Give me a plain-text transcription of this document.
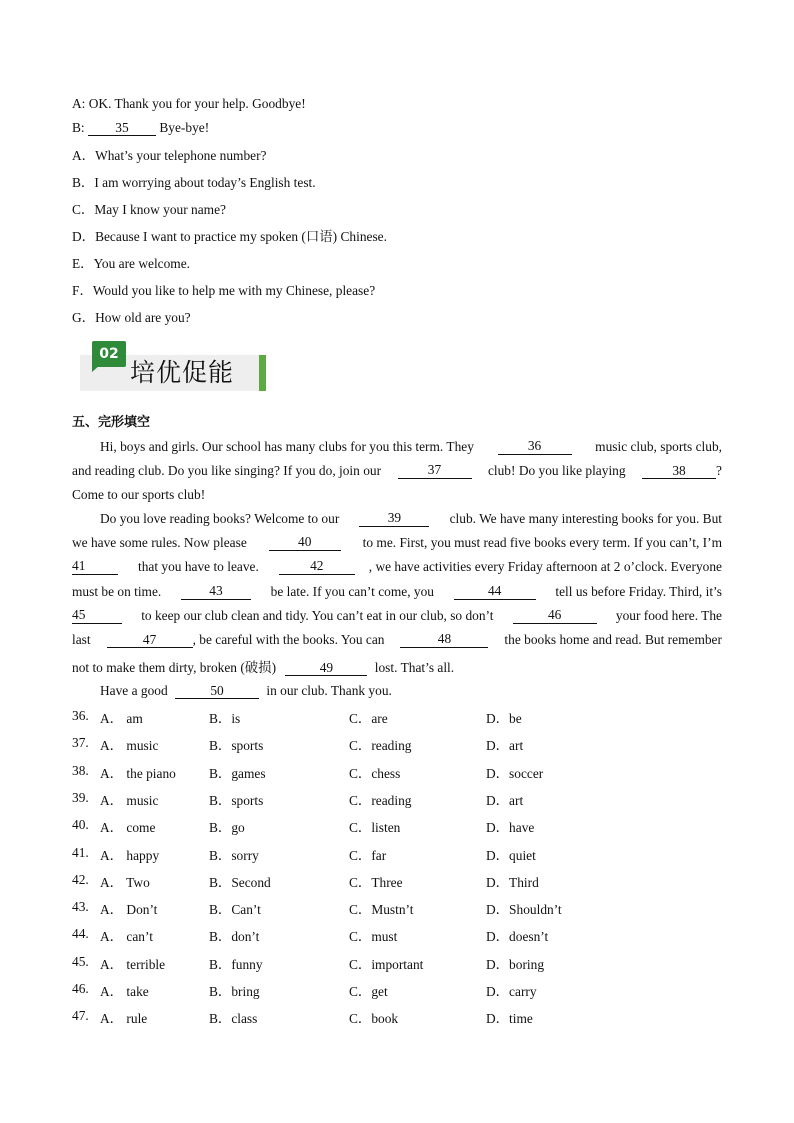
A: OK. Thank you for your help. Goodbye!
B: 35 Bye-bye!
A．What’s your telephone number?
B．I am worrying about today’s English test.
C．May I know your name?
D．Because I want to practice my spoken (口语) Chinese.
E．You are welcome.
F．Would you like to help me with my Chinese, please?
G．How old are you?
02
培优促能
五、完形填空
Hi, boys and girls. Our school has many clubs for you this term. They	36	music club, sports club,
and reading club. Do you like singing? If you do, join our	37	club! Do you like playing	38 ?
Come to our sports club!
Do you love reading books? Welcome to our	39	club. We have many interesting books for you. But
we have some rules. Now please	40	to me. First, you must read five books every term. If you can’t, I’m
41	that you have to leave.	42	, we have activities every Friday afternoon at 2 o’clock. Everyone
must be on time.	43	be late. If you can’t come, you	44	tell us before Friday. Third, it’s
45	to keep our club clean and tidy. You can’t eat in our club, so don’t	46	your food here. The
last	47	, be careful with the books. You can	48	the books home and read. But remember
not to make them dirty, broken (破损)	49	lost. That’s all.
Have a good	50	in our club. Thank you.
36. A． am	B．is	C．are	D．be
37. A． music	B．sports	C．reading	D．art
38. A． the piano B．games	C．chess	D．soccer
39. A． music	B．sports	C．reading	D．art
40. A． come	B．go	C．listen	D．have
41. A． happy	B．sorry	C．far	D．quiet
42. A． Two	B．Second	C．Three	D．Third
43. A． Don’t	B．Can’t	C．Mustn’t	D．Shouldn’t
44. A． can’t	B．don’t	C．must	D．doesn’t
45. A． terrible	B．funny	C．important	D．boring
46. A． take	B．bring	C．get	D．carry
47. A． rule	B．class	C．book	D．time
